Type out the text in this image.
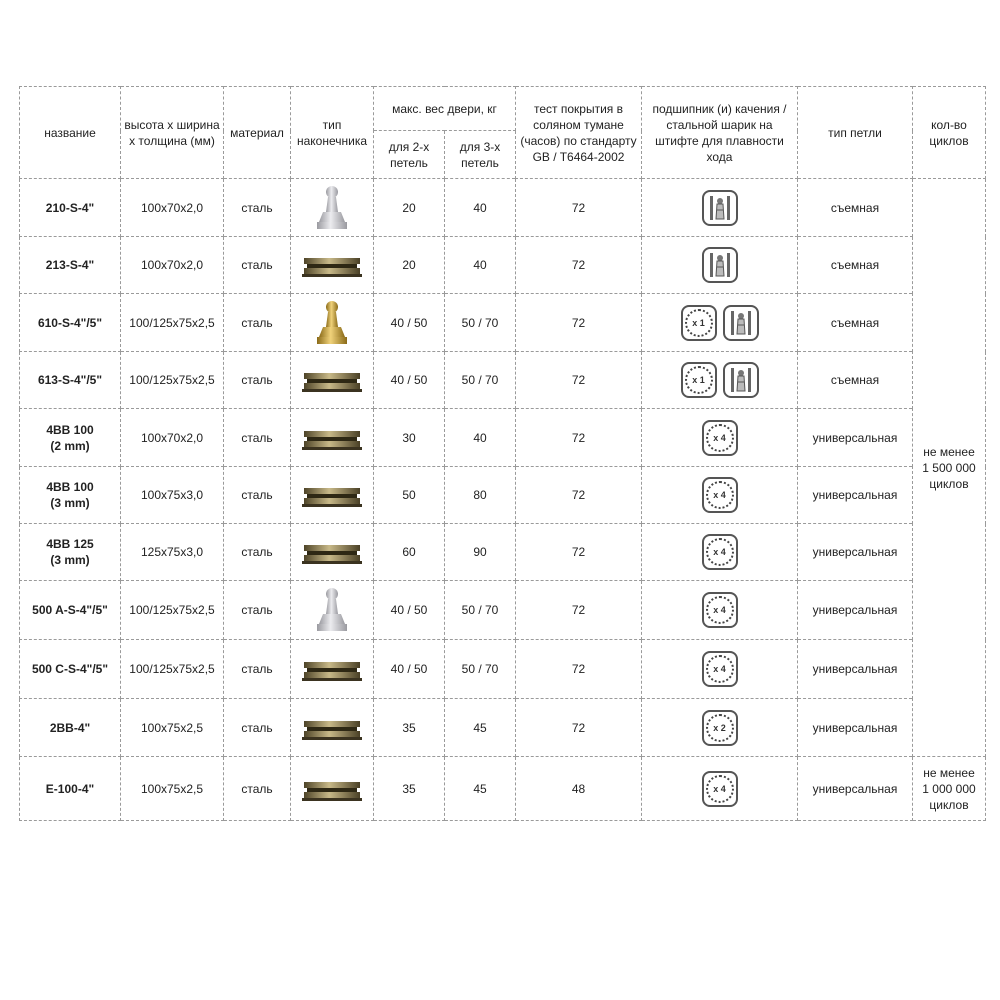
название	высота х ширина х толщина (мм)	материал	тип наконечника	макс. вес двери, кг		тест покрытия в соляном тумане (часов) по стандарту GB / T6464-2002	подшипник (и) качения / стальной шарик на штифте для плавности хода	тип петли	кол-во циклов
				для 2-х петель	для 3-х петель				
210-S-4"	100x70x2,0	сталь		20	40	72		съемная	не менее
1 500 000
циклов
213-S-4"	100x70x2,0	сталь		20	40	72		съемная	
610-S-4"/5"	100/125x75x2,5	сталь		40 / 50	50 / 70	72	x 1	съемная	
613-S-4"/5"	100/125x75x2,5	сталь		40 / 50	50 / 70	72	x 1	съемная	
4BB 100
(2 mm)	100x70x2,0	сталь		30	40	72	x 4	универсальная	
4BB 100
(3 mm)	100x75x3,0	сталь		50	80	72	x 4	универсальная	
4BB 125
(3 mm)	125x75x3,0	сталь		60	90	72	x 4	универсальная	
500 A-S-4"/5"	100/125x75x2,5	сталь		40 / 50	50 / 70	72	x 4	универсальная	
500 C-S-4"/5"	100/125x75x2,5	сталь		40 / 50	50 / 70	72	x 4	универсальная	
2BB-4"	100x75x2,5	сталь		35	45	72	x 2	универсальная	
E-100-4"	100x75x2,5	сталь		35	45	48	x 4	универсальная	не менее
1 000 000
циклов
